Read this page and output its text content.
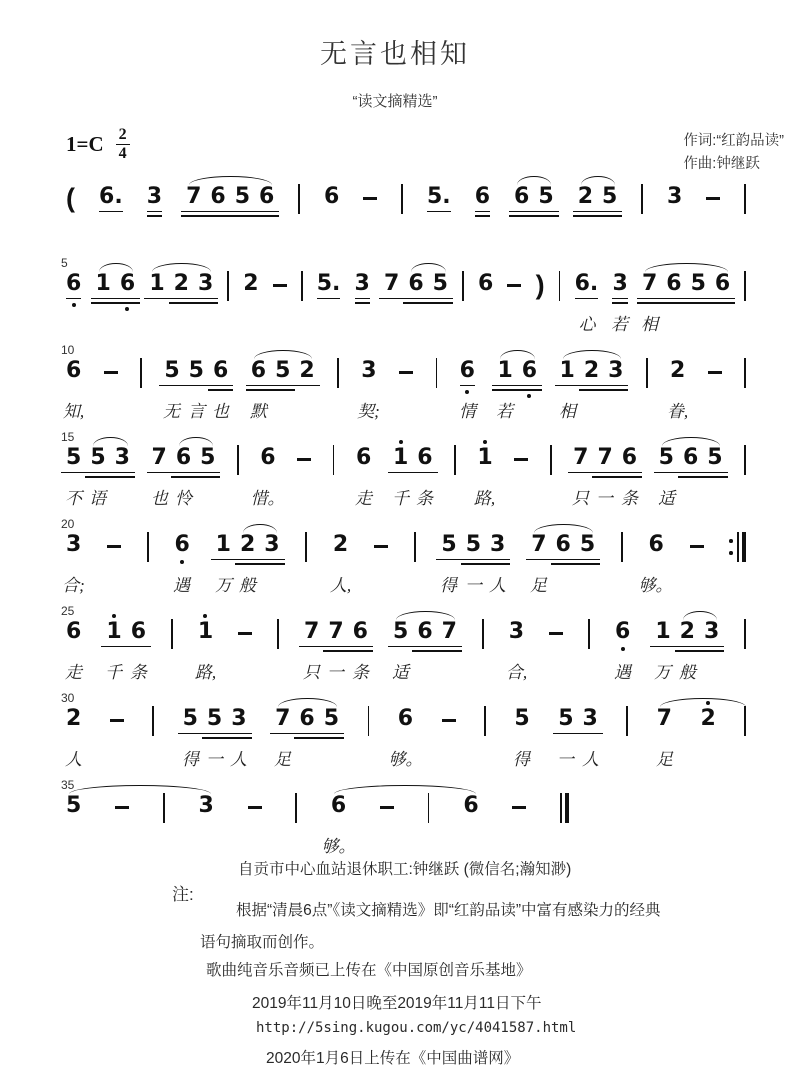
无言也相知
“读文摘精选”
$1=C \frac{2}{4}$	作词:“红韵品读”
作曲:钟继跃
( 6. 3 7 6 5 6 6	5. 6 6 5 2 5 3
5
6 1 6 1 2 3 2	5. 3 7 6 5 6 ) 6. 3 7 6 5 6
心 若 相
10
6	5 5 6 6 5 2 3	6 1 6 1 2 3 2
知,	无 言 也 默	契;	情 若	相	眷,
15
5 5 3 7 6 5 6	6 1 6 1	7 7 6 5 6 5
不 语	也 怜	惜。	走 千 条 路,	只 一 条 适
20
3	6 1 2 3 2	5 5 3 7 6 5 6
合;	遇 万 般	人,	得 一 人 足	够。
25
6 1 6 1	7 7 6 5 6 7 3	6 1 2 3
走 千 条	路,	只 一 条 适	合,	遇 万 般
30
2	5 5 3 7 6 5	6	5 5 3	7 2
人	得 一 人 足	够。	得 一 人	足
35
5	3	6	6
够。
注:
自贡市中心血站退休职工:钟继跃 (微信名;瀚知渺)
根据“清晨6点”《读文摘精选》即“红韵品读”中富有感染力的经典
语句摘取而创作。
歌曲纯音乐音频已上传在《中国原创音乐基地》
2019年11月10日晚至2019年11月11日下午
http://5sing.kugou.com/yc/4041587.html
2020年1月6日上传在《中国曲谱网》
